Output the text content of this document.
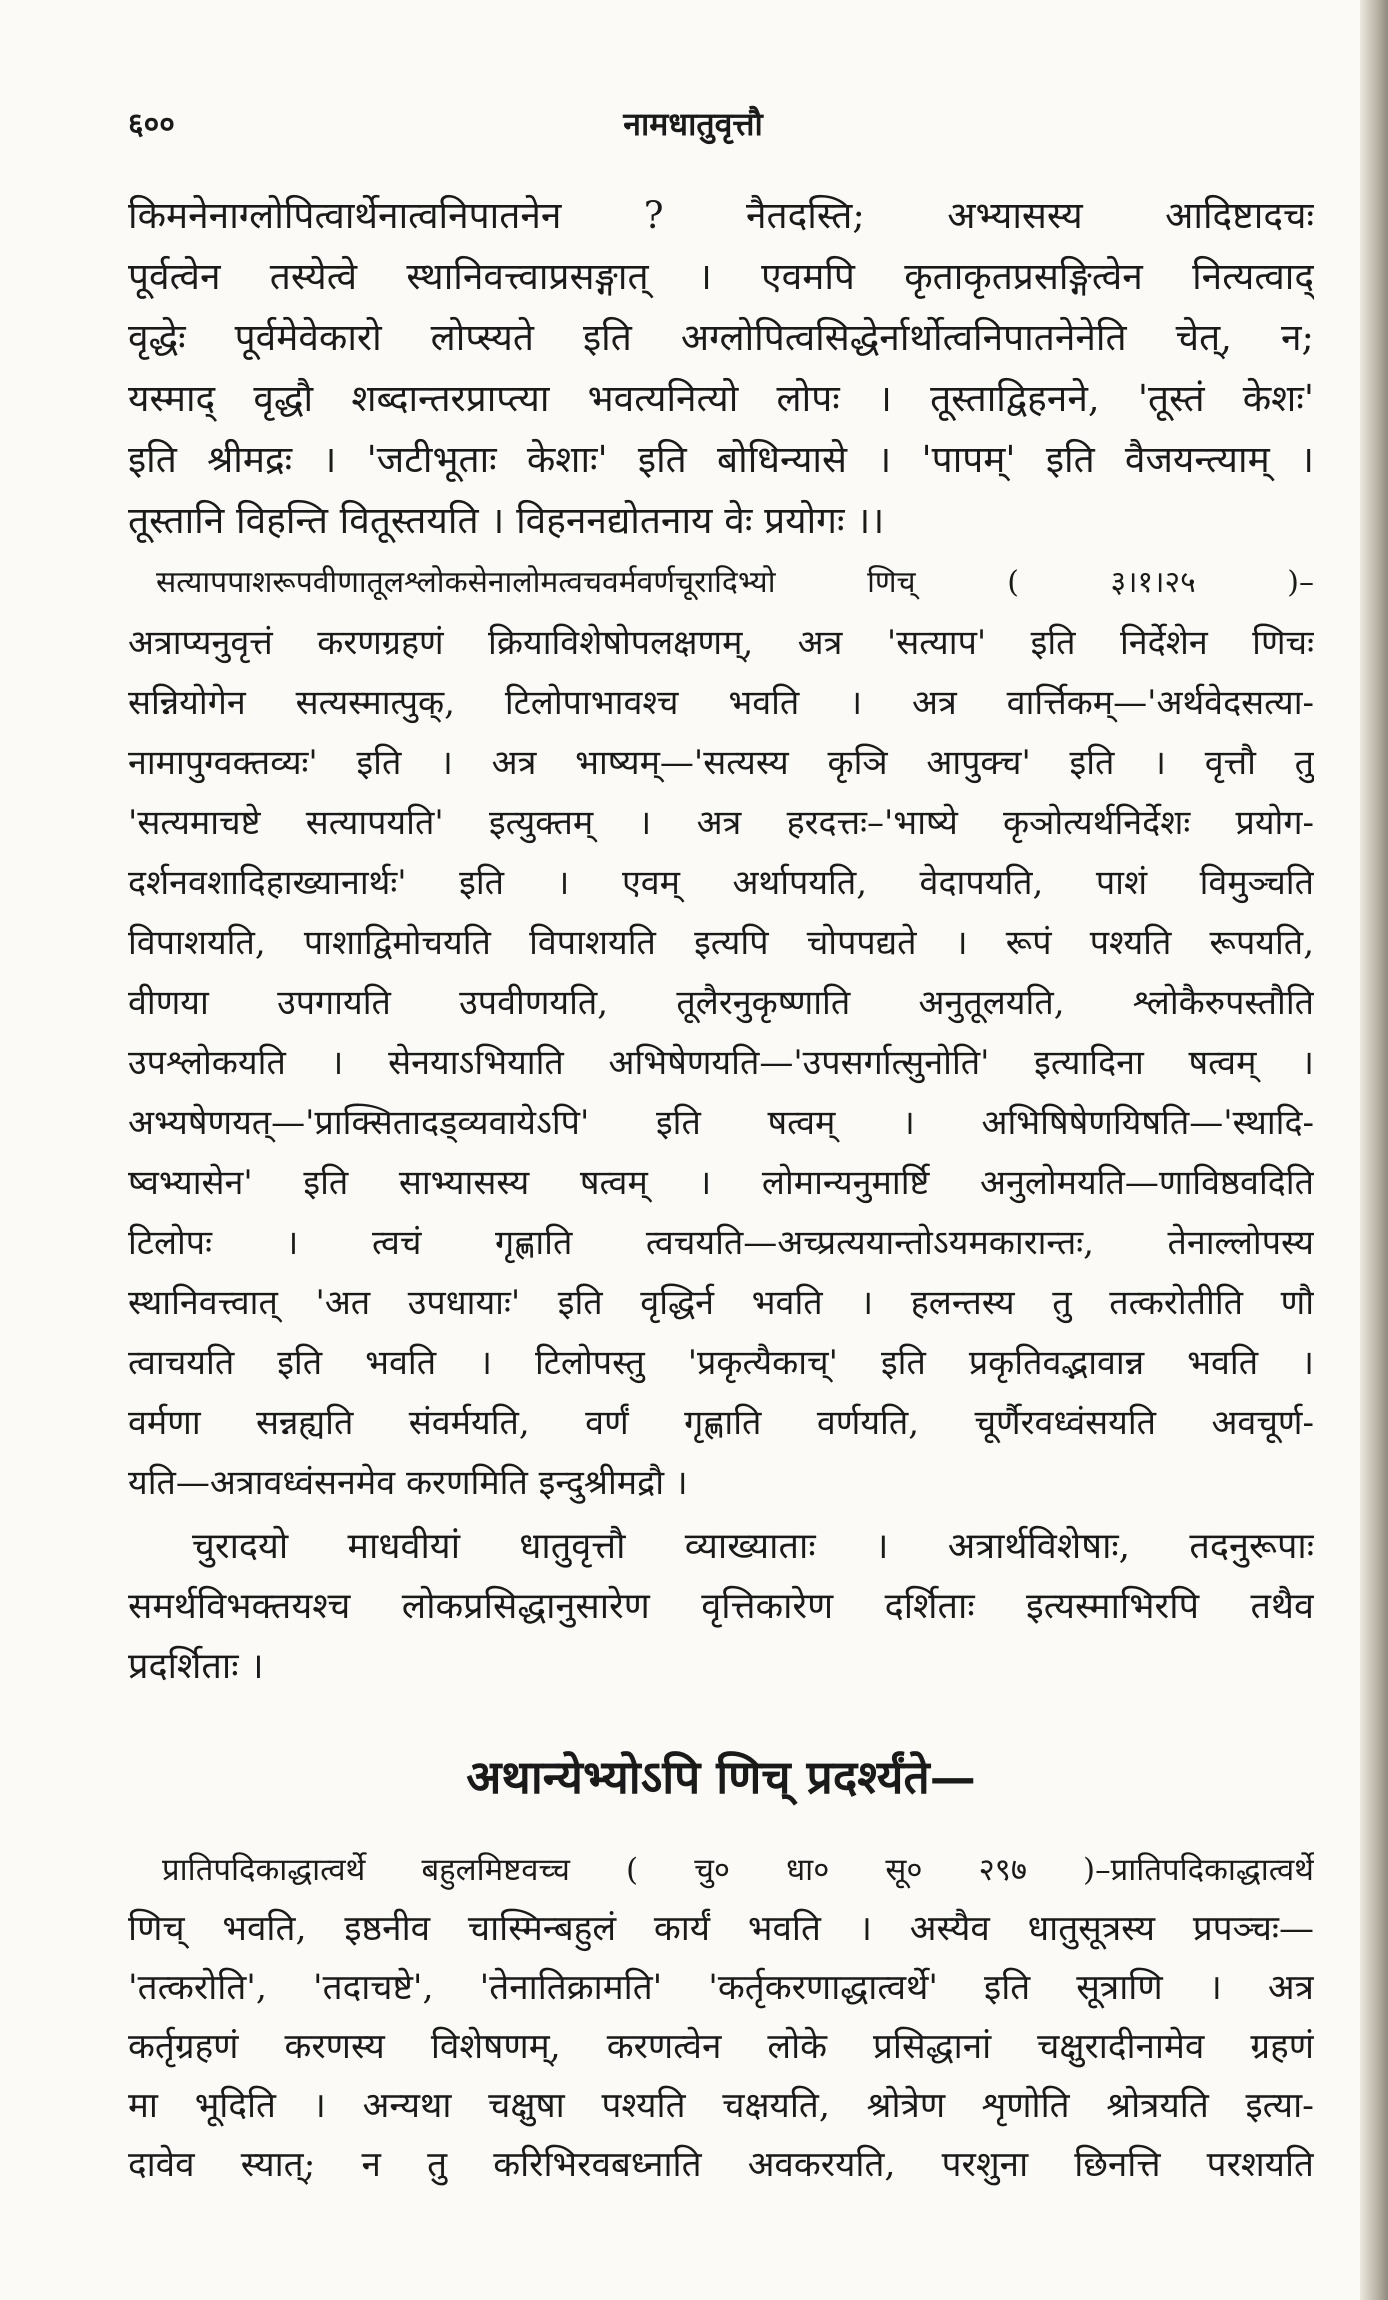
६००	नामधातुवृत्तौ
किमनेनाग्लोपित्वार्थेनात्वनिपातनेन ? नैतदस्ति; अभ्यासस्य आदिष्टादचः
पूर्वत्वेन तस्येत्वे स्थानिवत्त्वाप्रसङ्गात् । एवमपि कृताकृतप्रसङ्गित्वेन नित्यत्वाद्
वृद्धेः पूर्वमेवेकारो लोप्स्यते इति अग्लोपित्वसिद्धेर्नार्थोत्वनिपातनेनेति चेत्, न;
यस्माद् वृद्धौ शब्दान्तरप्राप्त्या भवत्यनित्यो लोपः । तूस्ताद्विहनने, 'तूस्तं केशः'
इति श्रीमद्रः । 'जटीभूताः केशाः' इति बोधिन्यासे । 'पापम्' इति वैजयन्त्याम् ।
तूस्तानि विहन्ति वितूस्तयति । विहननद्योतनाय वेः प्रयोगः ।।
सत्यापपाशरूपवीणातूलश्लोकसेनालोमत्वचवर्मवर्णचूरादिभ्यो णिच् ( ३।१।२५ )–
अत्राप्यनुवृत्तं करणग्रहणं क्रियाविशेषोपलक्षणम्, अत्र 'सत्याप' इति निर्देशेन णिचः
सन्नियोगेन सत्यस्मात्पुक्, टिलोपाभावश्च भवति । अत्र वार्त्तिकम्—'अर्थवेदसत्या-
नामापुग्वक्तव्यः' इति । अत्र भाष्यम्—'सत्यस्य कृञि आपुक्च' इति । वृत्तौ तु
'सत्यमाचष्टे सत्यापयति' इत्युक्तम् । अत्र हरदत्तः–'भाष्ये कृञोत्यर्थनिर्देशः प्रयोग-
दर्शनवशादिहाख्यानार्थः' इति । एवम् अर्थापयति, वेदापयति, पाशं विमुञ्चति
विपाशयति, पाशाद्विमोचयति विपाशयति इत्यपि चोपपद्यते । रूपं पश्यति रूपयति,
वीणया उपगायति उपवीणयति, तूलैरनुकृष्णाति अनुतूलयति, श्लोकैरुपस्तौति
उपश्लोकयति । सेनयाऽभियाति अभिषेणयति—'उपसर्गात्सुनोति' इत्यादिना षत्वम् ।
अभ्यषेणयत्—'प्राक्सितादड्व्यवायेऽपि' इति षत्वम् । अभिषिषेणयिषति—'स्थादि-
ष्वभ्यासेन' इति साभ्यासस्य षत्वम् । लोमान्यनुमार्ष्टि अनुलोमयति—णाविष्ठवदिति
टिलोपः । त्वचं गृह्णाति त्वचयति—अच्प्रत्ययान्तोऽयमकारान्तः, तेनाल्लोपस्य
स्थानिवत्त्वात् 'अत उपधायाः' इति वृद्धिर्न भवति । हलन्तस्य तु तत्करोतीति णौ
त्वाचयति इति भवति । टिलोपस्तु 'प्रकृत्यैकाच्' इति प्रकृतिवद्भावान्न भवति ।
वर्मणा सन्नह्यति संवर्मयति, वर्णं गृह्णाति वर्णयति, चूर्णैरवध्वंसयति अवचूर्ण-
यति—अत्रावध्वंसनमेव करणमिति इन्दुश्रीमद्रौ ।
चुरादयो माधवीयां धातुवृत्तौ व्याख्याताः । अत्रार्थविशेषाः, तदनुरूपाः
समर्थविभक्तयश्च लोकप्रसिद्धानुसारेण वृत्तिकारेण दर्शिताः इत्यस्माभिरपि तथैव
प्रदर्शिताः ।
अथान्येभ्योऽपि णिच् प्रदर्श्यंते—
प्रातिपदिकाद्धात्वर्थे बहुलमिष्टवच्च ( चु० धा० सू० २९७ )–प्रातिपदिकाद्धात्वर्थे
णिच् भवति, इष्ठनीव चास्मिन्बहुलं कार्यं भवति । अस्यैव धातुसूत्रस्य प्रपञ्चः—
'तत्करोति', 'तदाचष्टे', 'तेनातिक्रामति' 'कर्तृकरणाद्धात्वर्थे' इति सूत्राणि । अत्र
कर्तृग्रहणं करणस्य विशेषणम्, करणत्वेन लोके प्रसिद्धानां चक्षुरादीनामेव ग्रहणं
मा भूदिति । अन्यथा चक्षुषा पश्यति चक्षयति, श्रोत्रेण शृणोति श्रोत्रयति इत्या-
दावेव स्यात्; न तु करिभिरवबध्नाति अवकरयति, परशुना छिनत्ति परशयति
